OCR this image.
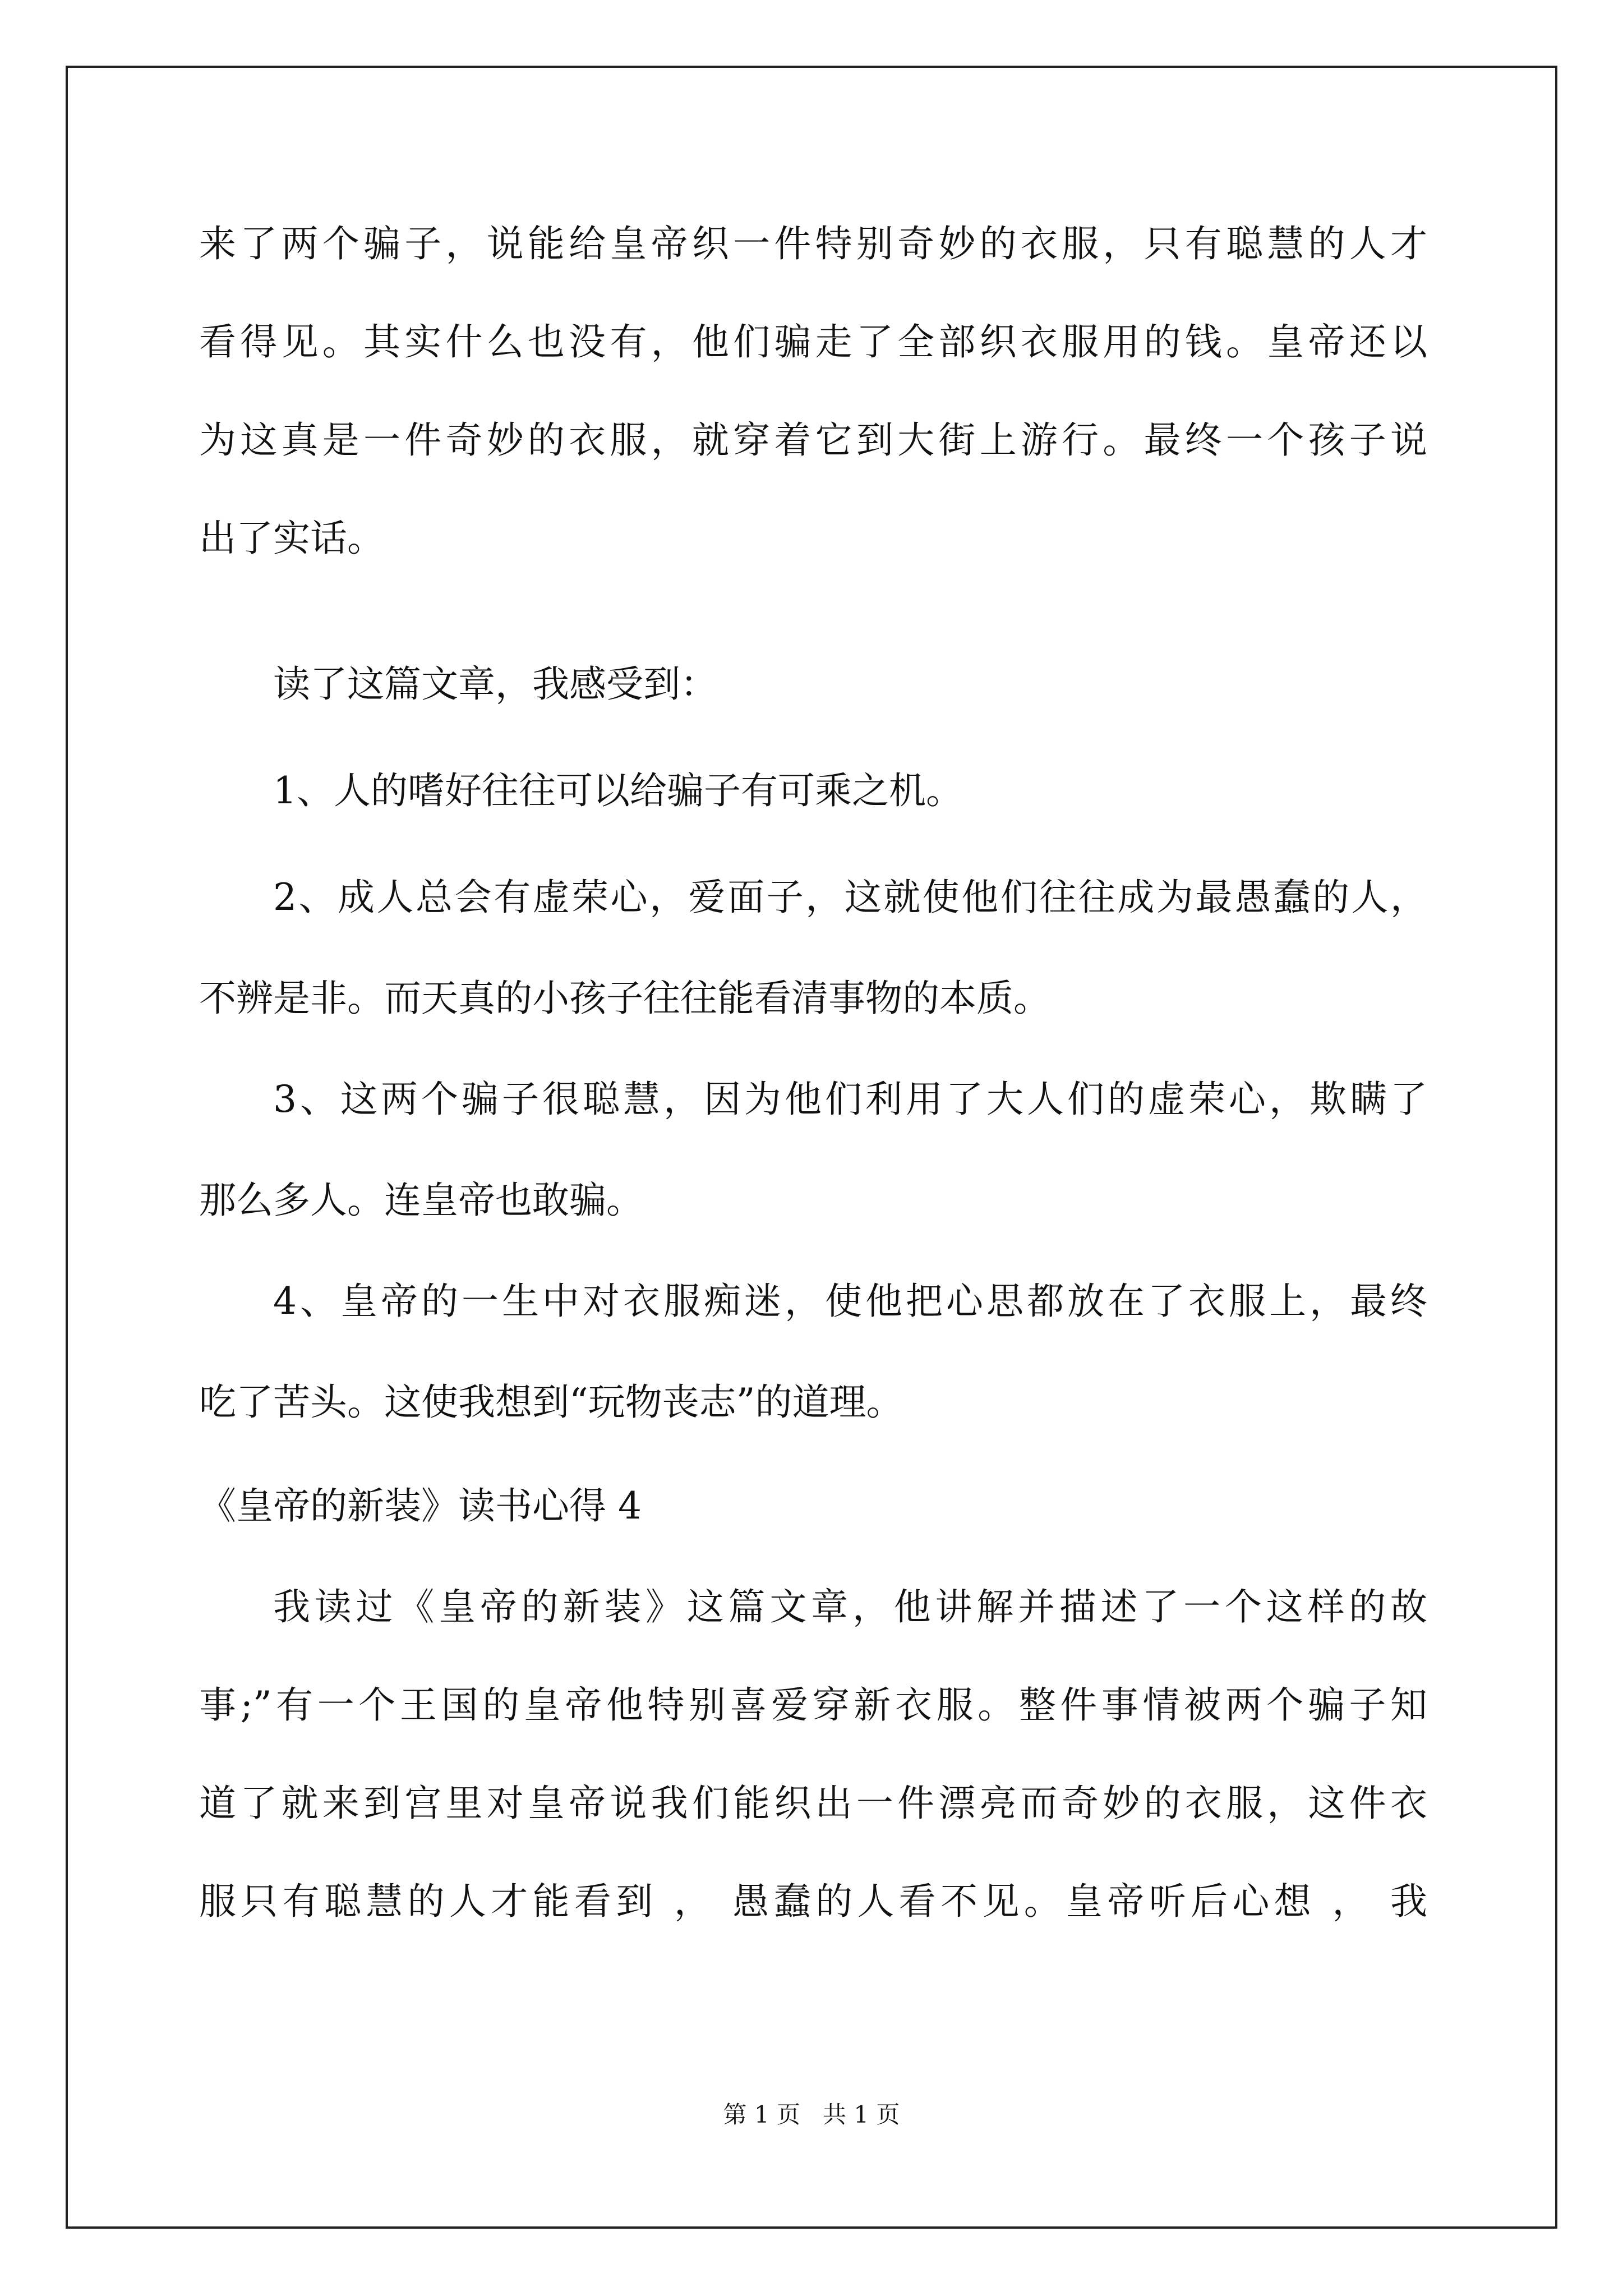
来了两个骗子，说能给皇帝织一件特别奇妙的衣服，只有聪慧的人才
看得见。其实什么也没有，他们骗走了全部织衣服用的钱。皇帝还以
为这真是一件奇妙的衣服，就穿着它到大街上游行。最终一个孩子说
出了实话。
读了这篇文章，我感受到：
1、人的嗜好往往可以给骗子有可乘之机。
2、成人总会有虚荣心，爱面子，这就使他们往往成为最愚蠢的人，
不辨是非。而天真的小孩子往往能看清事物的本质。
3、这两个骗子很聪慧，因为他们利用了大人们的虚荣心，欺瞒了
那么多人。连皇帝也敢骗。
4、皇帝的一生中对衣服痴迷，使他把心思都放在了衣服上，最终
吃了苦头。这使我想到“玩物丧志”的道理。
《皇帝的新装》读书心得 4
我读过《皇帝的新装》这篇文章，他讲解并描述了一个这样的故
事;”有一个王国的皇帝他特别喜爱穿新衣服。整件事情被两个骗子知
道了就来到宫里对皇帝说我们能织出一件漂亮而奇妙的衣服，这件衣
服只有聪慧的人才能看到 ， 愚蠢的人看不见。皇帝听后心想 ， 我
第 1 页   共 1 页
